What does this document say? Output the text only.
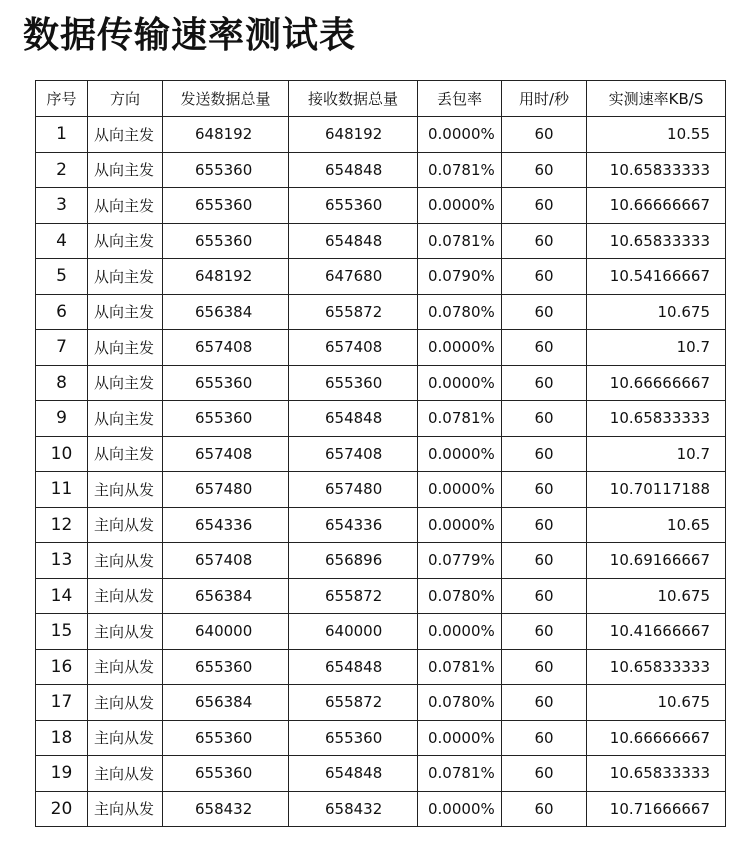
数据传输速率测试表
序号	方向	发送数据总量	接收数据总量	丢包率	用时/秒	实测速率KB/S
1	从向主发	648192	648192	0.0000%	60	10.55
2	从向主发	655360	654848	0.0781%	60	10.65833333
3	从向主发	655360	655360	0.0000%	60	10.66666667
4	从向主发	655360	654848	0.0781%	60	10.65833333
5	从向主发	648192	647680	0.0790%	60	10.54166667
6	从向主发	656384	655872	0.0780%	60	10.675
7	从向主发	657408	657408	0.0000%	60	10.7
8	从向主发	655360	655360	0.0000%	60	10.66666667
9	从向主发	655360	654848	0.0781%	60	10.65833333
10	从向主发	657408	657408	0.0000%	60	10.7
11	主向从发	657480	657480	0.0000%	60	10.70117188
12	主向从发	654336	654336	0.0000%	60	10.65
13	主向从发	657408	656896	0.0779%	60	10.69166667
14	主向从发	656384	655872	0.0780%	60	10.675
15	主向从发	640000	640000	0.0000%	60	10.41666667
16	主向从发	655360	654848	0.0781%	60	10.65833333
17	主向从发	656384	655872	0.0780%	60	10.675
18	主向从发	655360	655360	0.0000%	60	10.66666667
19	主向从发	655360	654848	0.0781%	60	10.65833333
20	主向从发	658432	658432	0.0000%	60	10.71666667
